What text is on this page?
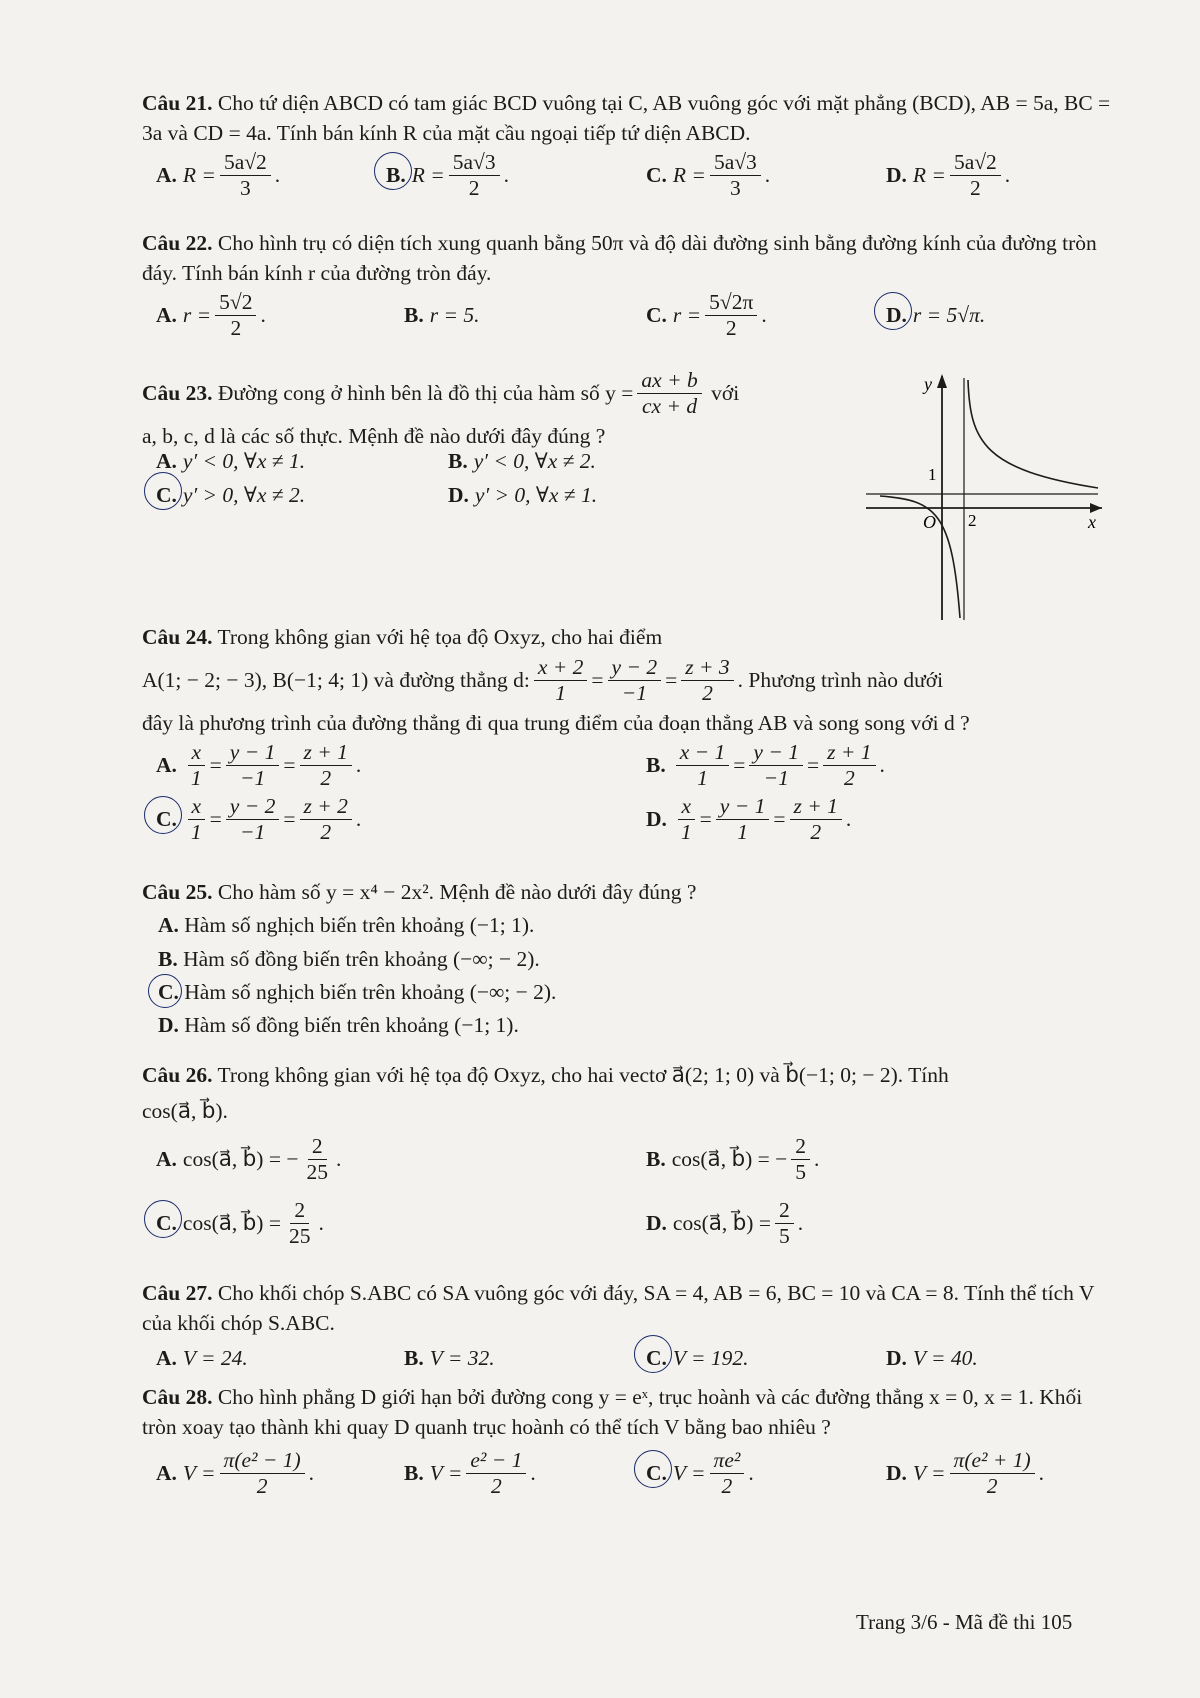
Câu 21. Cho tứ diện ABCD có tam giác BCD vuông tại C, AB vuông góc với mặt phẳng (BCD), AB = 5a, BC = 3a và CD = 4a. Tính bán kính R của mặt cầu ngoại tiếp tứ diện ABCD.
A. $R = \frac{5a√2}{3}$ .	B. $R = \frac{5a√3}{2}$ .	C. $R = \frac{5a√3}{3}$ .	D. $R = \frac{5a√2}{2}$ .
Câu 22. Cho hình trụ có diện tích xung quanh bằng 50π và độ dài đường sinh bằng đường kính của đường tròn đáy. Tính bán kính r của đường tròn đáy.
A. $r = \frac{5√2}{2}$ .	B. r = 5.	C. $r = \frac{5√2\pi}{2}$ .	D. r = 5√π.
Câu 23. Đường cong ở hình bên là đồ thị của hàm số $y = \frac{ax + b}{cx + d}$ với
a, b, c, d là các số thực. Mệnh đề nào dưới đây đúng ?
A. y′ < 0, ∀x ≠ 1.	B. y′ < 0, ∀x ≠ 2.
C. y′ > 0, ∀x ≠ 2.	D. y′ > 0, ∀x ≠ 1.
y
1
O 2	x
Câu 24. Trong không gian với hệ tọa độ Oxyz, cho hai điểm
A(1; − 2; − 3), B(−1; 4; 1) và đường thẳng d: $\frac{x + 2}{1} = \frac{y - 2}{-1} = \frac{z + 3}{2}$ . Phương trình nào dưới
đây là phương trình của đường thẳng đi qua trung điểm của đoạn thẳng AB và song song với d ?
A. $\frac{x}{1} = \frac{y - 1}{-1} = \frac{z + 1}{2}$ .	B. $\frac{x - 1}{1} = \frac{y - 1}{-1} = \frac{z + 1}{2}$ .
C. $\frac{x}{1} = \frac{y - 2}{-1} = \frac{z + 2}{2}$ .	D. $\frac{x}{1} = \frac{y - 1}{1} = \frac{z + 1}{2}$ .
Câu 25. Cho hàm số y = x⁴ − 2x². Mệnh đề nào dưới đây đúng ?
A. Hàm số nghịch biến trên khoảng (−1; 1).
B. Hàm số đồng biến trên khoảng (−∞; − 2).
C. Hàm số nghịch biến trên khoảng (−∞; − 2).
D. Hàm số đồng biến trên khoảng (−1; 1).
Câu 26. Trong không gian với hệ tọa độ Oxyz, cho hai vectơ a⃗(2; 1; 0) và b⃗(−1; 0; − 2). Tính
cos(a⃗, b⃗).
A. cos(a⃗, b⃗) = − $\frac{2}{25}$ .	B. cos(a⃗, b⃗) = − $\frac{2}{5}$ .
C. cos(a⃗, b⃗) = $\frac{2}{25}$ .	D. cos(a⃗, b⃗) = $\frac{2}{5}$ .
Câu 27. Cho khối chóp S.ABC có SA vuông góc với đáy, SA = 4, AB = 6, BC = 10 và CA = 8. Tính thể tích V của khối chóp S.ABC.
A. V = 24.	B. V = 32.	C. V = 192.	D. V = 40.
Câu 28. Cho hình phẳng D giới hạn bởi đường cong y = eˣ, trục hoành và các đường thẳng x = 0, x = 1. Khối tròn xoay tạo thành khi quay D quanh trục hoành có thể tích V bằng bao nhiêu ?
A. $V = \frac{\text{π(e² − 1)}}{2}$ .	B. $V = \frac{\text{e² − 1}}{2}$ .	C. $V = \frac{\text{πe²}}{2}$ .	D. $V = \frac{\text{π(e² + 1)}}{2}$ .
Trang 3/6 - Mã đề thi 105
